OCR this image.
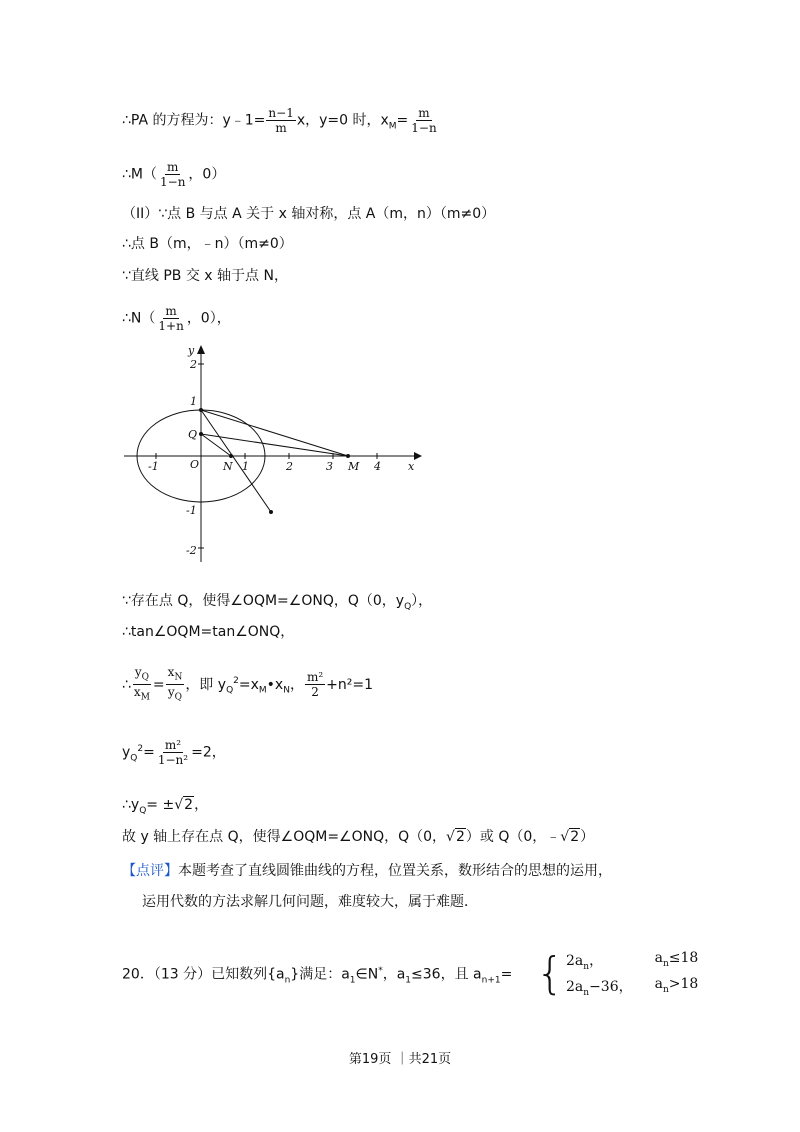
∴PA 的方程为：y﹣1= $\frac{n-1}{m}$ x，y=0 时，$x_M= \frac{m}{1-n}$
∴M（ $\frac{m}{1-n}$ ，0）
（II）∵点 B 与点 A 关于 x 轴对称，点 A（m，n）（m≠0）
∴点 B（m，﹣n）（m≠0）
∵直线 PB 交 x 轴于点 N，
∴N（ $\frac{m}{1+n}$ ，0），
-1	1	2	3	4
2
1
-1
-2
x
y
O
Q
N	M
∵存在点 Q，使得∠OQM=∠ONQ，Q（0，$y_Q$），
∴tan∠OQM=tan∠ONQ，
∴ $\frac{y_Q}{x_M} = \frac{x_N}{y_Q}$ ，即 $y_Q^2=x_M•x_N$， $\frac{\text{m²}}{2} +n^2=1$
$y_Q^2= \frac{\text{m²}}{\text{1−n²}} =2$，
$\therefore y_Q= \pm√2$，
故 y 轴上存在点 Q，使得∠OQM=∠ONQ，Q（0，√2）或 Q（0，﹣√2）
【点评】本题考查了直线圆锥曲线的方程，位置关系，数形结合的思想的运用，
运用代数的方法求解几何问题，难度较大，属于难题．
20．（13 分）已知数列$\{a_n\}$满足：$a_1\in N^*$，$a_1\le 36$，且 $a_{n+1}=$ { $2a_n$，	$a_n\le 18$
$2a_n-36$， $a_n>18$
第19页 ｜共21页
